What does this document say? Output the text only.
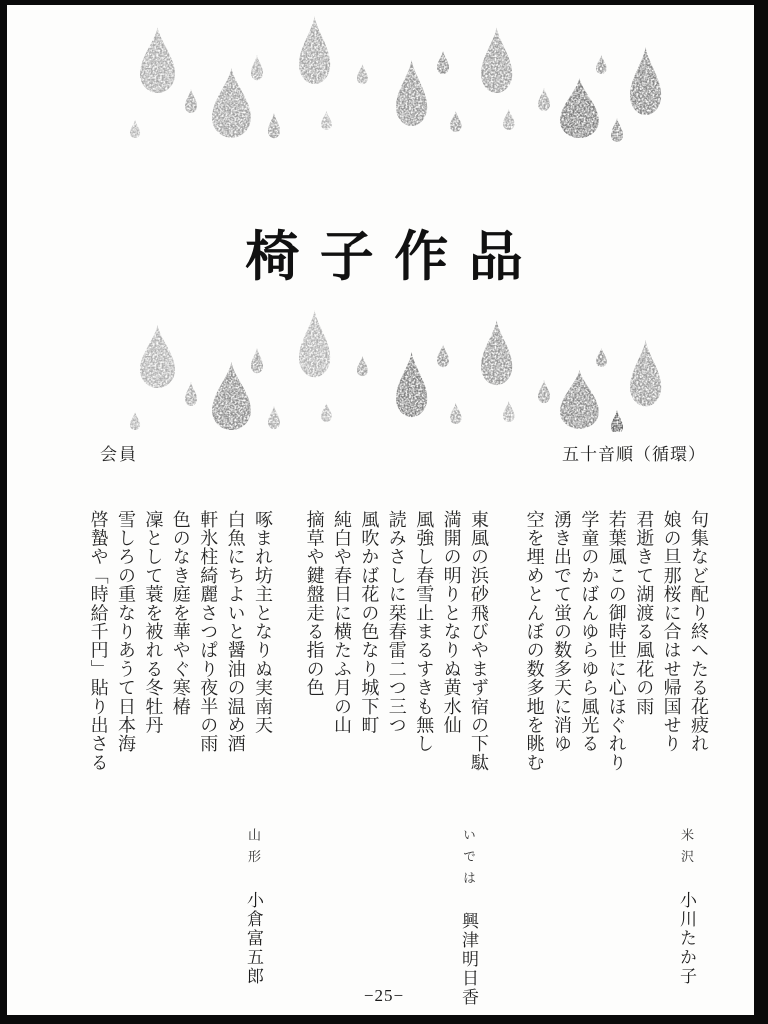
椅子作品
会員	五十音順（循環）
句集など配り終へたる花疲れ
娘の旦那桜に合はせ帰国せり
君逝きて湖渡る風花の雨
若葉風この御時世に心ほぐれり
学童のかばんゆらゆら風光る
湧き出でて蛍の数多天に消ゆ
空を埋めとんぼの数多地を眺む
東風の浜砂飛びやまず宿の下駄
満開の明りとなりぬ黄水仙
風強し春雪止まるすきも無し
読みさしに栞春雷二つ三つ
風吹かば花の色なり城下町
純白や春日に横たふ月の山
摘草や鍵盤走る指の色
啄まれ坊主となりぬ実南天
白魚にちよいと醤油の温め酒
軒氷柱綺麗さつぱり夜半の雨
色のなき庭を華やぐ寒椿
凜として蓑を被れる冬牡丹
雪しろの重なりあうて日本海
啓蟄や「時給千円」貼り出さる
米沢 小川たか子
いでは 興津明日香
山形 小倉富五郎
−25−
